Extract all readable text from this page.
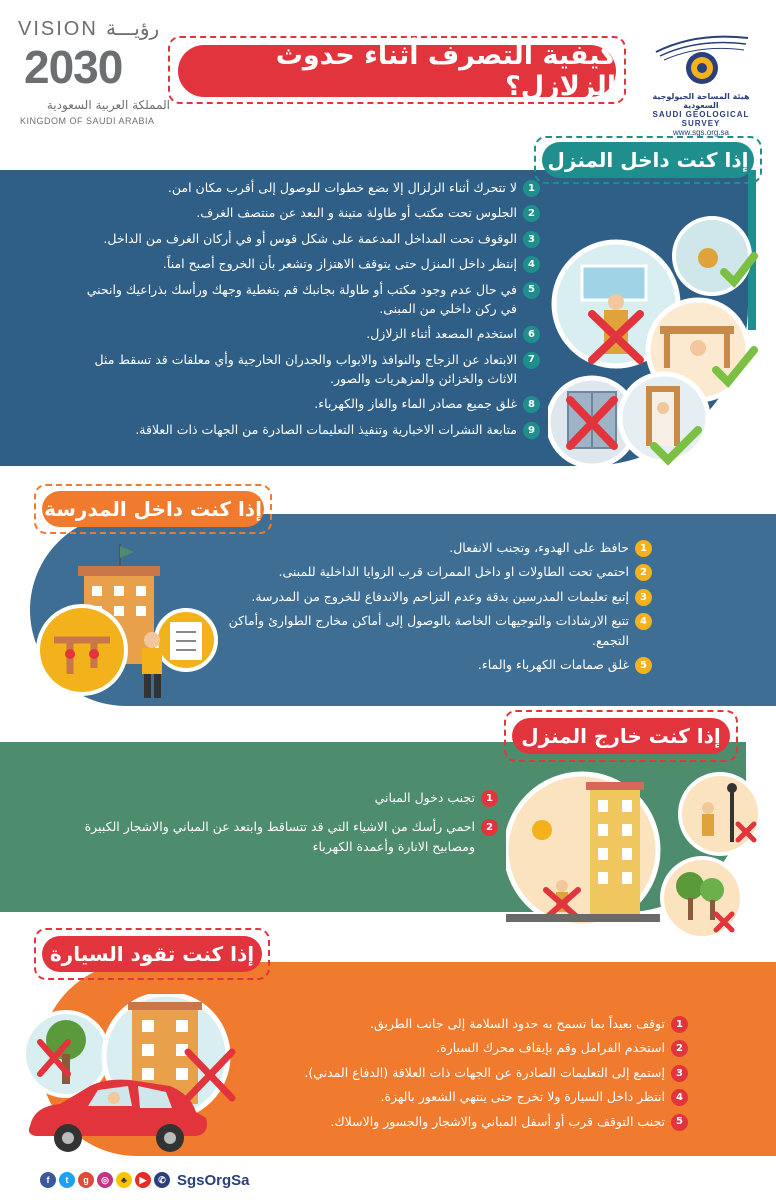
VISION رؤيـــة
2030
المملكة العربية السعودية
KINGDOM OF SAUDI ARABIA
كيفية التصرف أثناء حدوث الزلازل؟	هيئة المساحة الجيولوجية السعودية
SAUDI GEOLOGICAL SURVEY
www.sgs.org.sa
إذا كنت داخل المنزل
1
لا تتحرك أثناء الزلزال إلا بضع خطوات للوصول إلى أقرب مكان امن.
2
الجلوس تحت مكتب أو طاولة متينة و البعد عن منتصف الغرف.
3
الوقوف تحت المداخل المدعمة على شكل قوس أو في أركان الغرف من الداخل.
4
إنتظر داخل المنزل حتى يتوقف الاهتزاز وتشعر بأن الخروج أصبح امناً.
5
في حال عدم وجود مكتب أو طاولة بجانبك قم بتغطية وجهك ورأسك بذراعيك وانحني في ركن داخلي من المبنى.
6
استخدم المصعد أثناء الزلازل.
7
الابتعاد عن الزجاج والنوافذ والابواب والجدران الخارجية وأي معلقات قد تسقط مثل الاثاث والخزائن والمزهريات والصور.
8
غلق جميع مصادر الماء والغاز والكهرباء.
9
متابعة النشرات الاخبارية وتنفيذ التعليمات الصادرة من الجهات ذات العلاقة.
إذا كنت داخل المدرسة
1
حافظ على الهدوء، وتجنب الانفعال.
2
احتمي تحت الطاولات او داخل الممرات قرب الزوايا الداخلية للمبنى.
3
إتبع تعليمات المدرسين بدقة وعدم التزاحم والاندفاع للخروج من المدرسة.
4
تتبع الارشادات والتوجيهات الخاصة بالوصول إلى أماكن مخارج الطوارئ وأماكن التجمع.
5
غلق صمامات الكهرباء والماء.
إذا كنت خارج المنزل
1
تجنب دخول المباني
2
احمي رأسك من الاشياء التي قد تتساقط وابتعد عن المباني والاشجار الكبيرة ومصابيح الانارة وأعمدة الكهرباء
إذا كنت تقود السيارة
1
توقف بعيداً بما تسمح به حدود السلامة إلى جانب الطريق.
2
استخدم الفرامل وقم بإيقاف محرك السيارة.
3
إستمع إلى التعليمات الصادرة عن الجهات ذات العلاقة (الدفاع المدني).
4
انتظر داخل السيارة ولا تخرج حتى ينتهي الشعور بالهزة.
5
تجنب التوقف قرب أو أسفل المباني والاشجار والجسور والاسلاك.
f	t	g	◎	♣	▶	✆ SgsOrgSa
